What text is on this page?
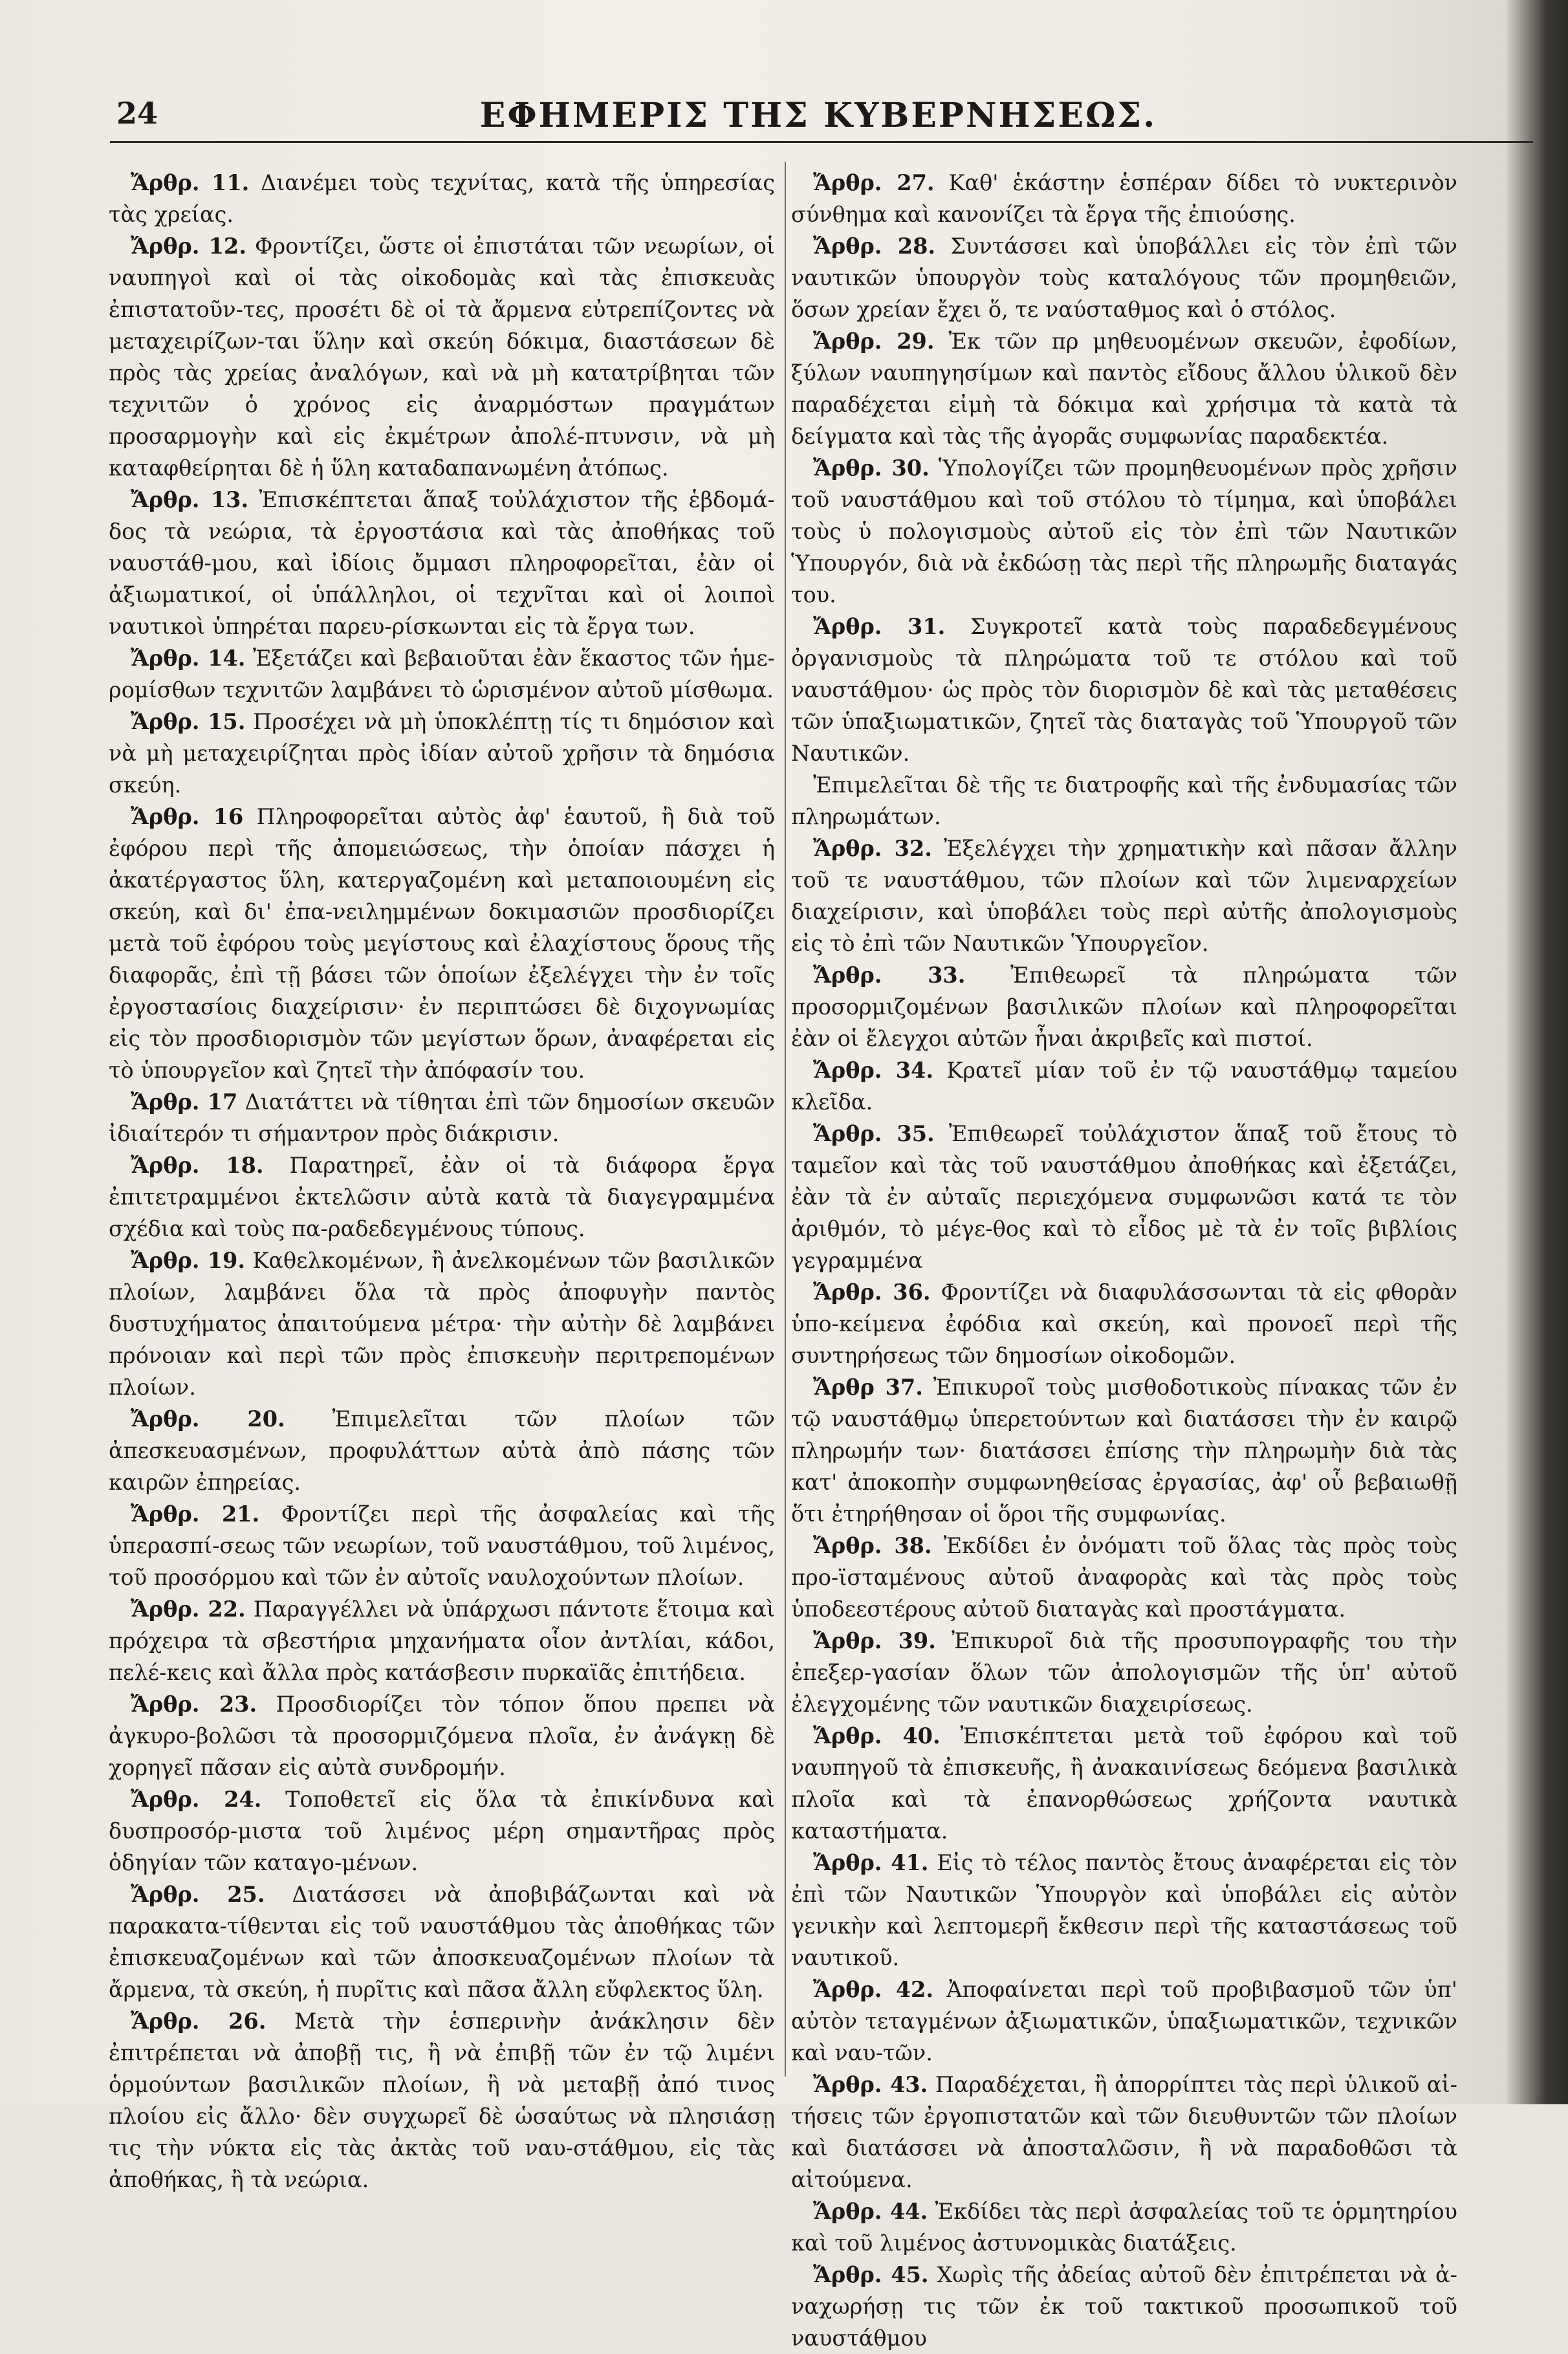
24	ΕΦΗΜΕΡΙΣ ΤΗΣ ΚΥΒΕΡΝΗΣΕΩΣ.

Ἄρθρ. 11. Διανέμει τοὺς τεχνίτας, κατὰ τῆς ὑπηρεσίας τὰς χρείας.

Ἄρθρ. 12. Φροντίζει, ὥστε οἱ ἐπιστάται τῶν νεωρίων, οἱ ναυπηγοὶ καὶ οἱ τὰς οἰκοδομὰς καὶ τὰς ἐπισκευὰς ἐπιστατοῦν-τες, προσέτι δὲ οἱ τὰ ἄρμενα εὐτρεπίζοντες νὰ μεταχειρίζων-ται ὕλην καὶ σκεύη δόκιμα, διαστάσεων δὲ πρὸς τὰς χρείας ἀναλόγων, καὶ νὰ μὴ κατατρίβηται τῶν τεχνιτῶν ὁ χρόνος εἰς ἀναρμόστων πραγμάτων προσαρμογὴν καὶ εἰς ἐκμέτρων ἀπολέ-πτυνσιν, νὰ μὴ καταφθείρηται δὲ ἡ ὕλη καταδαπανωμένη ἀτόπως.

Ἄρθρ. 13. Ἐπισκέπτεται ἅπαξ τοὐλάχιστον τῆς ἑβδομά-δος τὰ νεώρια, τὰ ἐργοστάσια καὶ τὰς ἀποθήκας τοῦ ναυστάθ-μου, καὶ ἰδίοις ὄμμασι πληροφορεῖται, ἐὰν οἱ ἀξιωματικοί, οἱ ὑπάλληλοι, οἱ τεχνῖται καὶ οἱ λοιποὶ ναυτικοὶ ὑπηρέται παρευ-ρίσκωνται εἰς τὰ ἔργα των.

Ἄρθρ. 14. Ἐξετάζει καὶ βεβαιοῦται ἐὰν ἕκαστος τῶν ἡμε-ρομίσθων τεχνιτῶν λαμβάνει τὸ ὡρισμένον αὐτοῦ μίσθωμα.

Ἄρθρ. 15. Προσέχει νὰ μὴ ὑποκλέπτῃ τίς τι δημόσιον καὶ νὰ μὴ μεταχειρίζηται πρὸς ἰδίαν αὐτοῦ χρῆσιν τὰ δημόσια σκεύη.

Ἄρθρ. 16 Πληροφορεῖται αὐτὸς ἀφ' ἑαυτοῦ, ἢ διὰ τοῦ ἐφόρου περὶ τῆς ἀπομειώσεως, τὴν ὁποίαν πάσχει ἡ ἀκατέργαστος ὕλη, κατεργαζομένη καὶ μεταποιουμένη εἰς σκεύη, καὶ δι' ἐπα-νειλημμένων δοκιμασιῶν προσδιορίζει μετὰ τοῦ ἐφόρου τοὺς μεγίστους καὶ ἐλαχίστους ὅρους τῆς διαφορᾶς, ἐπὶ τῇ βάσει τῶν ὁποίων ἐξελέγχει τὴν ἐν τοῖς ἐργοστασίοις διαχείρισιν· ἐν περιπτώσει δὲ διχογνωμίας εἰς τὸν προσδιορισμὸν τῶν μεγίστων ὅρων, ἀναφέρεται εἰς τὸ ὑπουργεῖον καὶ ζητεῖ τὴν ἀπόφασίν του.

Ἄρθρ. 17 Διατάττει νὰ τίθηται ἐπὶ τῶν δημοσίων σκευῶν ἰδιαίτερόν τι σήμαντρον πρὸς διάκρισιν.

Ἄρθρ. 18. Παρατηρεῖ, ἐὰν οἱ τὰ διάφορα ἔργα ἐπιτετραμμένοι ἐκτελῶσιν αὐτὰ κατὰ τὰ διαγεγραμμένα σχέδια καὶ τοὺς πα-ραδεδεγμένους τύπους.

Ἄρθρ. 19. Καθελκομένων, ἢ ἀνελκομένων τῶν βασιλικῶν πλοίων, λαμβάνει ὅλα τὰ πρὸς ἀποφυγὴν παντὸς δυστυχήματος ἀπαιτούμενα μέτρα· τὴν αὐτὴν δὲ λαμβάνει πρόνοιαν καὶ περὶ τῶν πρὸς ἐπισκευὴν περιτρεπομένων πλοίων.

Ἄρθρ. 20. Ἐπιμελεῖται τῶν πλοίων τῶν ἀπεσκευασμένων, προφυλάττων αὐτὰ ἀπὸ πάσης τῶν καιρῶν ἐπηρείας.

Ἄρθρ. 21. Φροντίζει περὶ τῆς ἀσφαλείας καὶ τῆς ὑπερασπί-σεως τῶν νεωρίων, τοῦ ναυστάθμου, τοῦ λιμένος, τοῦ προσόρμου καὶ τῶν ἐν αὐτοῖς ναυλοχούντων πλοίων.

Ἄρθρ. 22. Παραγγέλλει νὰ ὑπάρχωσι πάντοτε ἕτοιμα καὶ πρόχειρα τὰ σβεστήρια μηχανήματα οἷον ἀντλίαι, κάδοι, πελέ-κεις καὶ ἄλλα πρὸς κατάσβεσιν πυρκαϊᾶς ἐπιτήδεια.

Ἄρθρ. 23. Προσδιορίζει τὸν τόπον ὅπου πρεπει νὰ ἀγκυρο-βολῶσι τὰ προσορμιζόμενα πλοῖα, ἐν ἀνάγκῃ δὲ χορηγεῖ πᾶσαν εἰς αὐτὰ συνδρομήν.

Ἄρθρ. 24. Τοποθετεῖ εἰς ὅλα τὰ ἐπικίνδυνα καὶ δυσπροσόρ-μιστα τοῦ λιμένος μέρη σημαντῆρας πρὸς ὁδηγίαν τῶν καταγο-μένων.

Ἄρθρ. 25. Διατάσσει νὰ ἀποβιβάζωνται καὶ νὰ παρακατα-τίθενται εἰς τοῦ ναυστάθμου τὰς ἀποθήκας τῶν ἐπισκευαζομένων καὶ τῶν ἀποσκευαζομένων πλοίων τὰ ἄρμενα, τὰ σκεύη, ἡ πυρῖτις καὶ πᾶσα ἄλλη εὔφλεκτος ὕλη.

Ἄρθρ. 26. Μετὰ τὴν ἑσπερινὴν ἀνάκλησιν δὲν ἐπιτρέπεται νὰ ἀποβῇ τις, ἢ νὰ ἐπιβῇ τῶν ἐν τῷ λιμένι ὁρμούντων βασιλικῶν πλοίων, ἢ νὰ μεταβῇ ἀπό τινος πλοίου εἰς ἄλλο· δὲν συγχωρεῖ δὲ ὡσαύτως νὰ πλησιάσῃ τις τὴν νύκτα εἰς τὰς ἀκτὰς τοῦ ναυ-στάθμου, εἰς τὰς ἀποθήκας, ἢ τὰ νεώρια.

Ἄρθρ. 27. Καθ' ἑκάστην ἑσπέραν δίδει τὸ νυκτερινὸν σύνθημα καὶ κανονίζει τὰ ἔργα τῆς ἐπιούσης.

Ἄρθρ. 28. Συντάσσει καὶ ὑποβάλλει εἰς τὸν ἐπὶ τῶν ναυτικῶν ὑπουργὸν τοὺς καταλόγους τῶν προμηθειῶν, ὅσων χρείαν ἔχει ὅ, τε ναύσταθμος καὶ ὁ στόλος.

Ἄρθρ. 29. Ἐκ τῶν πρ μηθευομένων σκευῶν, ἐφοδίων, ξύλων ναυπηγησίμων καὶ παντὸς εἴδους ἄλλου ὑλικοῦ δὲν παραδέχεται εἰμὴ τὰ δόκιμα καὶ χρήσιμα τὰ κατὰ τὰ δείγματα καὶ τὰς τῆς ἀγορᾶς συμφωνίας παραδεκτέα.

Ἄρθρ. 30. Ὑπολογίζει τῶν προμηθευομένων πρὸς χρῆσιν τοῦ ναυστάθμου καὶ τοῦ στόλου τὸ τίμημα, καὶ ὑποβάλει τοὺς ὑ πολογισμοὺς αὐτοῦ εἰς τὸν ἐπὶ τῶν Ναυτικῶν Ὑπουργόν, διὰ νὰ ἐκδώσῃ τὰς περὶ τῆς πληρωμῆς διαταγάς του.

Ἄρθρ. 31. Συγκροτεῖ κατὰ τοὺς παραδεδεγμένους ὀργανισμοὺς τὰ πληρώματα τοῦ τε στόλου καὶ τοῦ ναυστάθμου· ὡς πρὸς τὸν διορισμὸν δὲ καὶ τὰς μεταθέσεις τῶν ὑπαξιωματικῶν, ζητεῖ τὰς διαταγὰς τοῦ Ὑπουργοῦ τῶν Ναυτικῶν.

Ἐπιμελεῖται δὲ τῆς τε διατροφῆς καὶ τῆς ἐνδυμασίας τῶν πληρωμάτων.

Ἄρθρ. 32. Ἐξελέγχει τὴν χρηματικὴν καὶ πᾶσαν ἄλλην τοῦ τε ναυστάθμου, τῶν πλοίων καὶ τῶν λιμεναρχείων διαχείρισιν, καὶ ὑποβάλει τοὺς περὶ αὐτῆς ἀπολογισμοὺς εἰς τὸ ἐπὶ τῶν Ναυτικῶν Ὑπουργεῖον.

Ἄρθρ. 33. Ἐπιθεωρεῖ τὰ πληρώματα τῶν προσορμιζομένων βασιλικῶν πλοίων καὶ πληροφορεῖται ἐὰν οἱ ἔλεγχοι αὐτῶν ἦναι ἀκριβεῖς καὶ πιστοί.

Ἄρθρ. 34. Κρατεῖ μίαν τοῦ ἐν τῷ ναυστάθμῳ ταμείου κλεῖδα.

Ἄρθρ. 35. Ἐπιθεωρεῖ τοὐλάχιστον ἅπαξ τοῦ ἔτους τὸ ταμεῖον καὶ τὰς τοῦ ναυστάθμου ἀποθήκας καὶ ἐξετάζει, ἐὰν τὰ ἐν αὐταῖς περιεχόμενα συμφωνῶσι κατά τε τὸν ἀριθμόν, τὸ μέγε-θος καὶ τὸ εἶδος μὲ τὰ ἐν τοῖς βιβλίοις γεγραμμένα

Ἄρθρ. 36. Φροντίζει νὰ διαφυλάσσωνται τὰ εἰς φθορὰν ὑπο-κείμενα ἐφόδια καὶ σκεύη, καὶ προνοεῖ περὶ τῆς συντηρήσεως τῶν δημοσίων οἰκοδομῶν.

Ἄρθρ 37. Ἐπικυροῖ τοὺς μισθοδοτικοὺς πίνακας τῶν ἐν τῷ ναυστάθμῳ ὑπερετούντων καὶ διατάσσει τὴν ἐν καιρῷ πληρωμήν των· διατάσσει ἐπίσης τὴν πληρωμὴν διὰ τὰς κατ' ἀποκοπὴν συμφωνηθείσας ἐργασίας, ἀφ' οὗ βεβαιωθῇ ὅτι ἐτηρήθησαν οἱ ὅροι τῆς συμφωνίας.

Ἄρθρ. 38. Ἐκδίδει ἐν ὀνόματι τοῦ ὅλας τὰς πρὸς τοὺς προ-ϊσταμένους αὐτοῦ ἀναφορὰς καὶ τὰς πρὸς τοὺς ὑποδεεστέρους αὐτοῦ διαταγὰς καὶ προστάγματα.

Ἄρθρ. 39. Ἐπικυροῖ διὰ τῆς προσυπογραφῆς του τὴν ἐπεξερ-γασίαν ὅλων τῶν ἀπολογισμῶν τῆς ὑπ' αὐτοῦ ἐλεγχομένης τῶν ναυτικῶν διαχειρίσεως.

Ἄρθρ. 40. Ἐπισκέπτεται μετὰ τοῦ ἐφόρου καὶ τοῦ ναυπηγοῦ τὰ ἐπισκευῆς, ἢ ἀνακαινίσεως δεόμενα βασιλικὰ πλοῖα καὶ τὰ ἐπανορθώσεως χρήζοντα ναυτικὰ καταστήματα.

Ἄρθρ. 41. Εἰς τὸ τέλος παντὸς ἔτους ἀναφέρεται εἰς τὸν ἐπὶ τῶν Ναυτικῶν Ὑπουργὸν καὶ ὑποβάλει εἰς αὐτὸν γενικὴν καὶ λεπτομερῆ ἔκθεσιν περὶ τῆς καταστάσεως τοῦ ναυτικοῦ.

Ἄρθρ. 42. Ἀποφαίνεται περὶ τοῦ προβιβασμοῦ τῶν ὑπ' αὐτὸν τεταγμένων ἀξιωματικῶν, ὑπαξιωματικῶν, τεχνικῶν καὶ ναυ-τῶν.

Ἄρθρ. 43. Παραδέχεται, ἢ ἀπορρίπτει τὰς περὶ ὑλικοῦ αἰ-τήσεις τῶν ἐργοπιστατῶν καὶ τῶν διευθυντῶν τῶν πλοίων καὶ διατάσσει νὰ ἀποσταλῶσιν, ἢ νὰ παραδοθῶσι τὰ αἰτούμενα.

Ἄρθρ. 44. Ἐκδίδει τὰς περὶ ἀσφαλείας τοῦ τε ὁρμητηρίου καὶ τοῦ λιμένος ἀστυνομικὰς διατάξεις.

Ἄρθρ. 45. Χωρὶς τῆς ἀδείας αὐτοῦ δὲν ἐπιτρέπεται νὰ ἀ-ναχωρήσῃ τις τῶν ἐκ τοῦ τακτικοῦ προσωπικοῦ τοῦ ναυστάθμου
